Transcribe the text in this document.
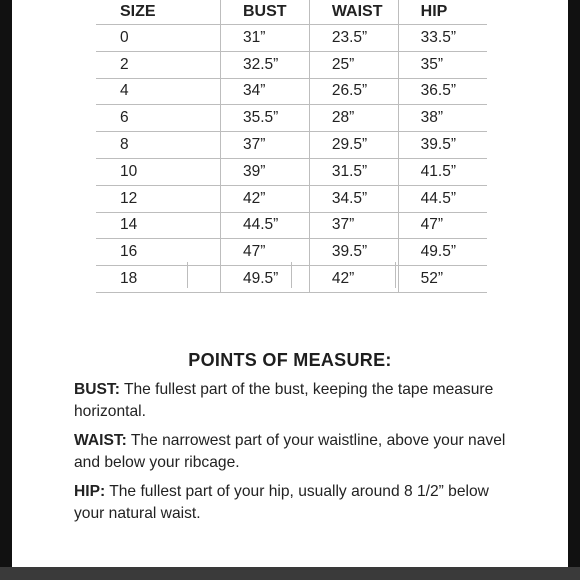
SIZE	BUST	WAIST	HIP
0	31”	23.5”	33.5”
2	32.5”	25”	35”
4	34”	26.5”	36.5”
6	35.5”	28”	38”
8	37”	29.5”	39.5”
10	39”	31.5”	41.5”
12	42”	34.5”	44.5”
14	44.5”	37”	47”
16	47”	39.5”	49.5”
18	49.5”	42”	52”
POINTS OF MEASURE:
BUST: The fullest part of the bust, keeping the tape measure horizontal.
WAIST: The narrowest part of your waistline, above your navel and below your ribcage.
HIP: The fullest part of your hip, usually around 8 1/2” below your natural waist.
